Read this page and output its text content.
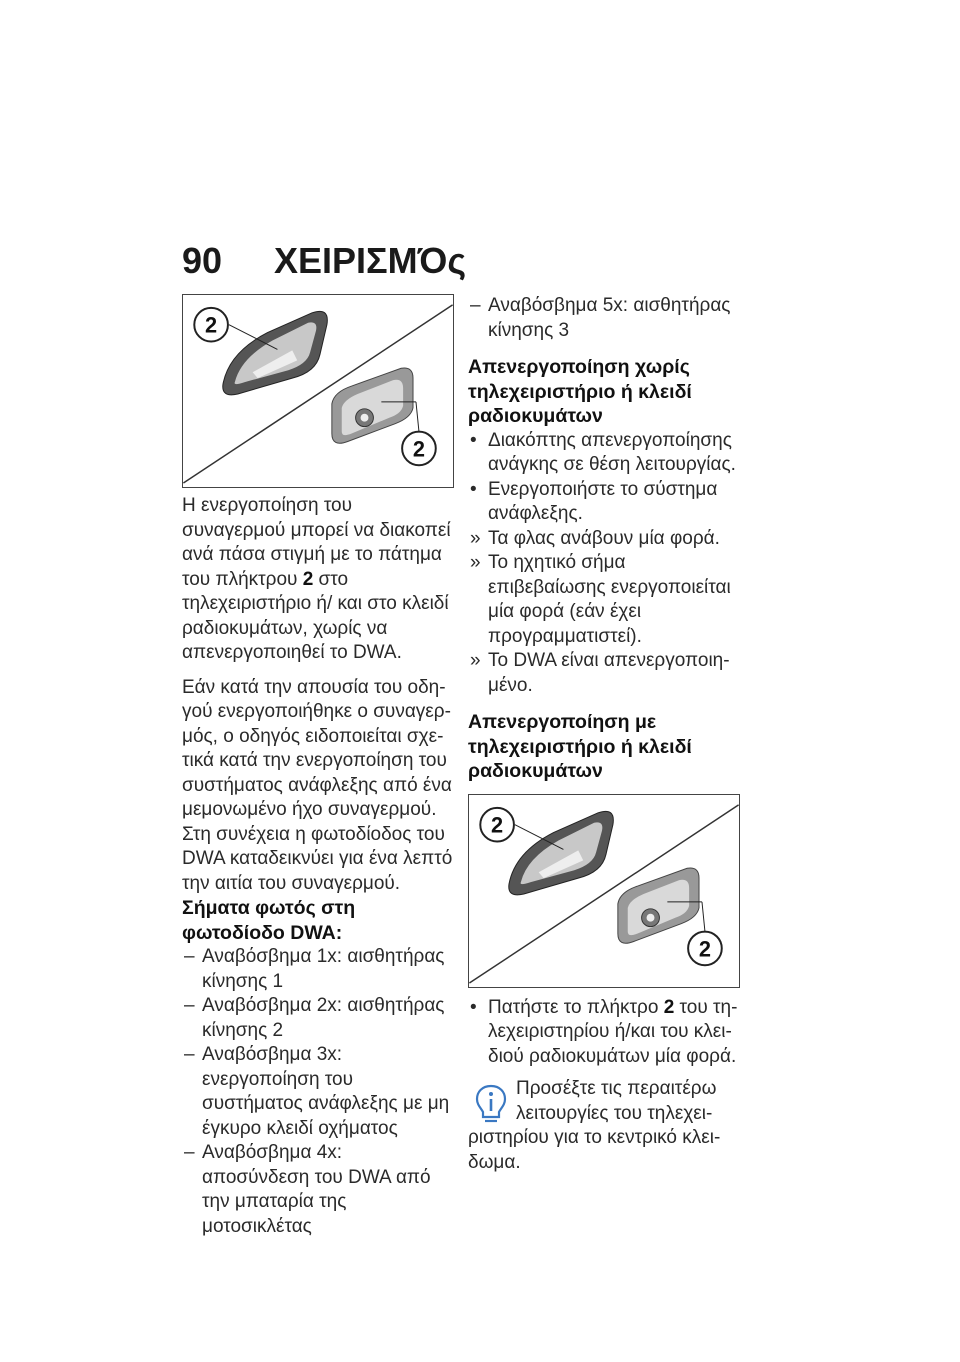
90 ΧΕΙΡΙΣΜΌς
2
2

Η ενεργοποίηση του συναγερμού μπορεί να διακοπεί ανά πάσα στιγμή με το πάτημα του πλήκτρου 2 στο τηλεχειριστήριο ή/ και στο κλειδί ραδιοκυμάτων, χωρίς να απενεργοποιηθεί το DWA.

Εάν κατά την απουσία του οδηγού ενεργοποιήθηκε ο συναγερμός, ο οδηγός ειδοποιείται σχετικά κατά την ενεργοποίηση του συστήματος ανάφλεξης από ένα μεμονωμένο ήχο συναγερμού. Στη συνέχεια η φωτοδίοδος του DWA καταδεικνύει για ένα λεπτό την αιτία του συναγερμού.

Σήματα φωτός στη φωτοδίοδο DWA:

– Αναβόσβημα 1x: αισθητήρας κίνησης 1
– Αναβόσβημα 2x: αισθητήρας κίνησης 2
– Αναβόσβημα 3x: ενεργοποίηση του συστήματος ανάφλεξης με μη έγκυρο κλειδί οχήματος
– Αναβόσβημα 4x: αποσύνδεση του DWA από την μπαταρία της μοτοσικλέτας
– Αναβόσβημα 5x: αισθητήρας κίνησης 3

Απενεργοποίηση χωρίς τηλεχειριστήριο ή κλειδί ραδιοκυμάτων

• Διακόπτης απενεργοποίησης ανάγκης σε θέση λειτουργίας.
• Ενεργοποιήστε το σύστημα ανάφλεξης.
» Τα φλας ανάβουν μία φορά.
» Το ηχητικό σήμα επιβεβαίωσης ενεργοποιείται μία φορά (εάν έχει προγραμματιστεί).
» Το DWA είναι απενεργοποιημένο.

Απενεργοποίηση με τηλεχειριστήριο ή κλειδί ραδιοκυμάτων

2
2
• Πατήστε το πλήκτρο 2 του τηλεχειριστηρίου ή/και του κλειδιού ραδιοκυμάτων μία φορά.
Προσέξτε τις περαιτέρω λειτουργίες του τηλεχειριστηρίου για το κεντρικό κλειδωμα.
